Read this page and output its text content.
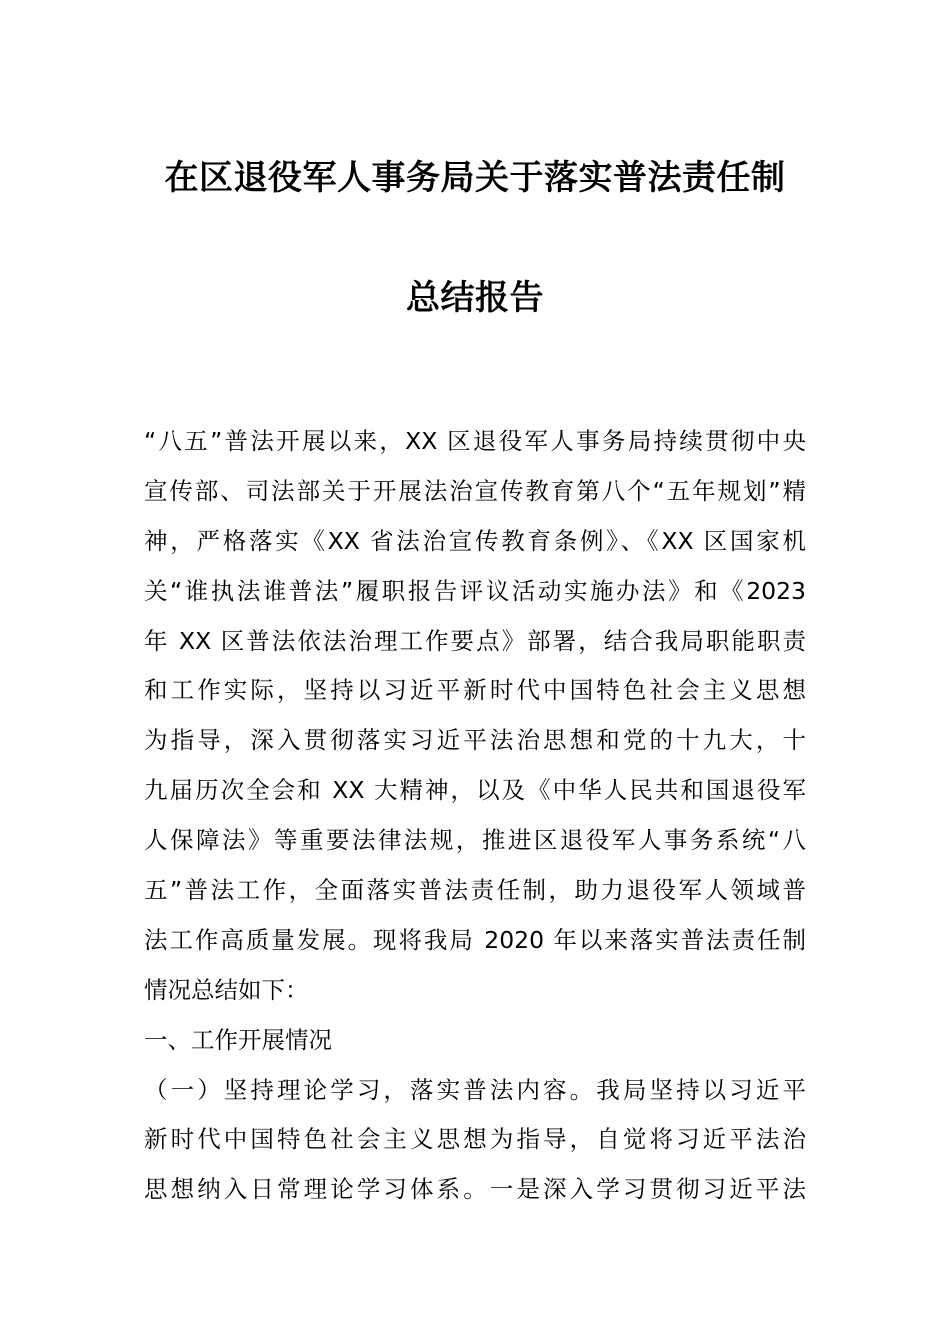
在区退役军人事务局关于落实普法责任制
总结报告
“八五”普法开展以来，XX 区退役军人事务局持续贯彻中央
宣传部、司法部关于开展法治宣传教育第八个“五年规划”精
神，严格落实《XX 省法治宣传教育条例》、《XX 区国家机
关“谁执法谁普法”履职报告评议活动实施办法》和《2023
年 XX 区普法依法治理工作要点》部署，结合我局职能职责
和工作实际，坚持以习近平新时代中国特色社会主义思想
为指导，深入贯彻落实习近平法治思想和党的十九大，十
九届历次全会和 XX 大精神，以及《中华人民共和国退役军
人保障法》等重要法律法规，推进区退役军人事务系统“八
五”普法工作，全面落实普法责任制，助力退役军人领域普
法工作高质量发展。现将我局 2020 年以来落实普法责任制
情况总结如下：
一、工作开展情况
（一）坚持理论学习，落实普法内容。我局坚持以习近平
新时代中国特色社会主义思想为指导，自觉将习近平法治
思想纳入日常理论学习体系。一是深入学习贯彻习近平法
